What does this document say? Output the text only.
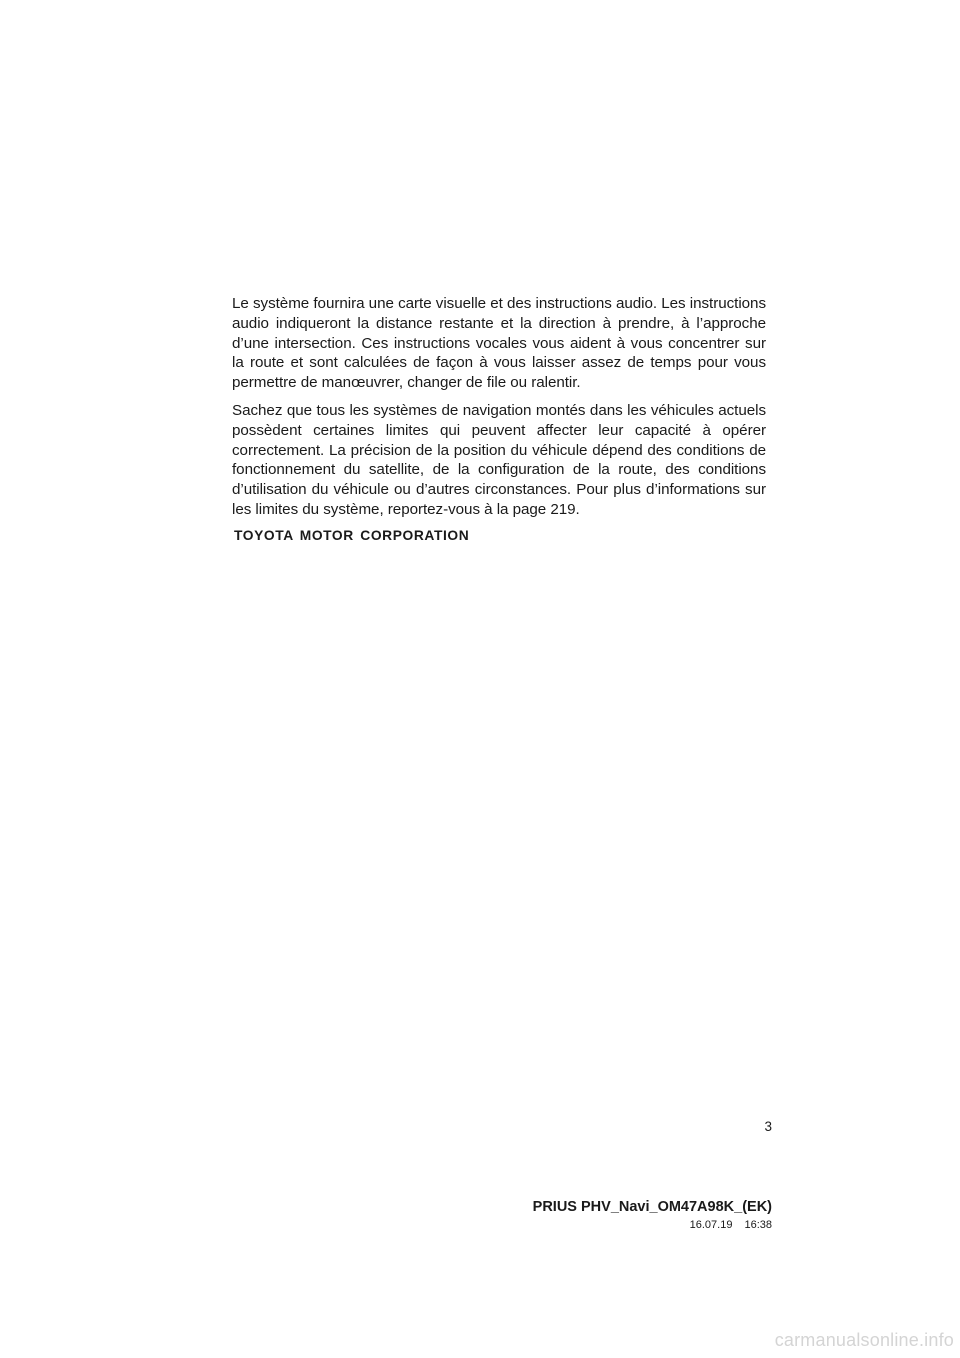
Le système fournira une carte visuelle et des instructions audio. Les instructions audio indiqueront la distance restante et la direction à prendre, à l’approche d’une intersection. Ces instructions vocales vous aident à vous concentrer sur la route et sont calculées de façon à vous laisser assez de temps pour vous permettre de manœuvrer, changer de file ou ralentir.

Sachez que tous les systèmes de navigation montés dans les véhicules actuels possèdent certaines limites qui peuvent affecter leur capacité à opérer correctement. La précision de la position du véhicule dépend des conditions de fonctionnement du satellite, de la configuration de la route, des conditions d’utilisation du véhicule ou d’autres circonstances. Pour plus d’informations sur les limites du système, reportez-vous à la page 219.

TOYOTA MOTOR CORPORATION
3
PRIUS PHV_Navi_OM47A98K_(EK)
16.07.19 16:38
carmanualsonline.info
